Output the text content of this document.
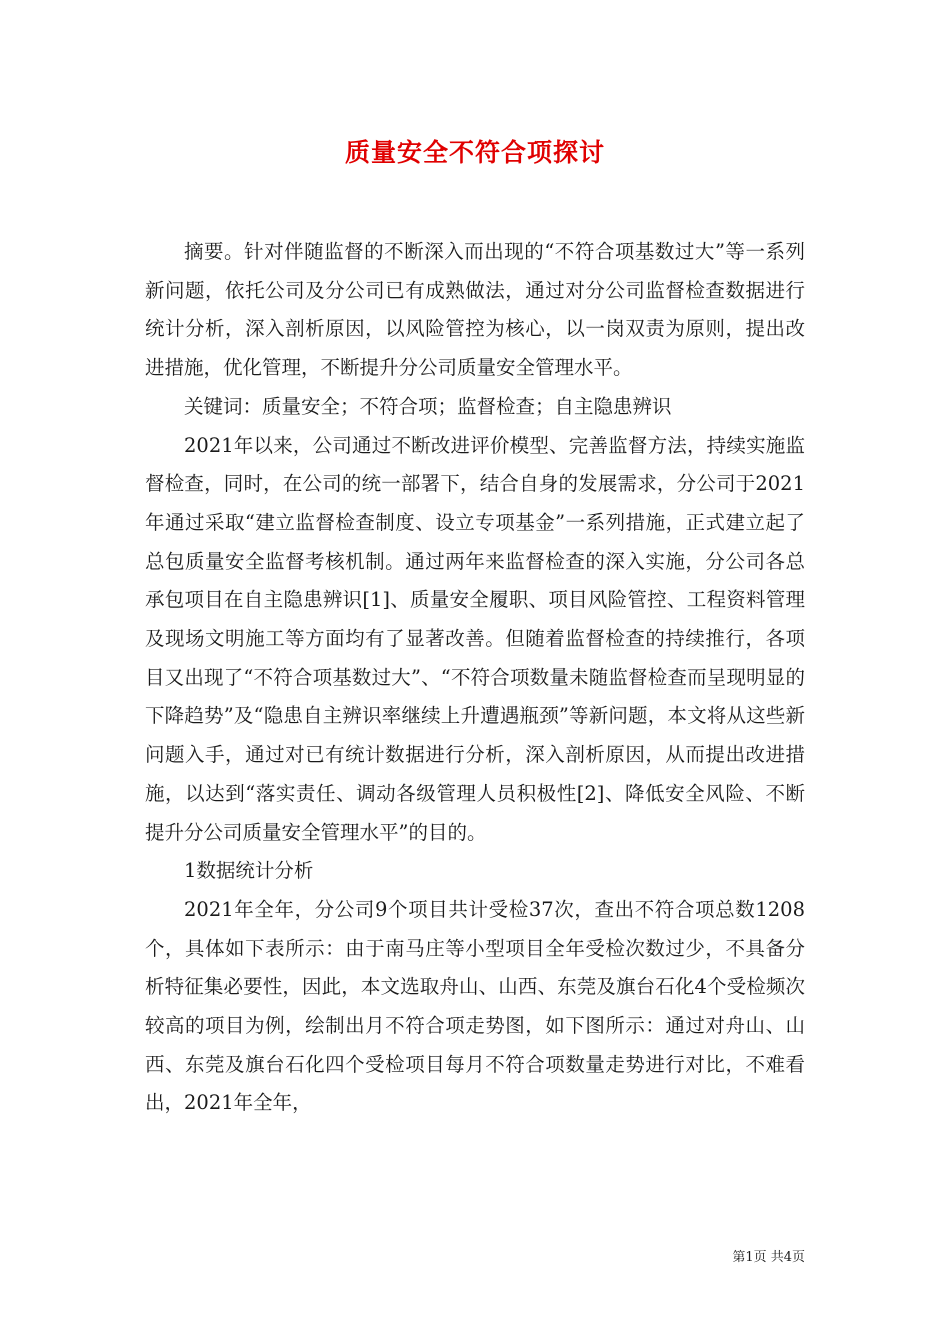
质量安全不符合项探讨

摘要。针对伴随监督的不断深入而出现的“不符合项基数过大”等一系列新问题，依托公司及分公司已有成熟做法，通过对分公司监督检查数据进行统计分析，深入剖析原因，以风险管控为核心，以一岗双责为原则，提出改进措施，优化管理，不断提升分公司质量安全管理水平。

关键词：质量安全；不符合项；监督检查；自主隐患辨识

2021年以来，公司通过不断改进评价模型、完善监督方法，持续实施监督检查，同时，在公司的统一部署下，结合自身的发展需求，分公司于2021年通过采取“建立监督检查制度、设立专项基金”一系列措施，正式建立起了总包质量安全监督考核机制。通过两年来监督检查的深入实施，分公司各总承包项目在自主隐患辨识[1]、质量安全履职、项目风险管控、工程资料管理及现场文明施工等方面均有了显著改善。但随着监督检查的持续推行，各项目又出现了“不符合项基数过大”、“不符合项数量未随监督检查而呈现明显的下降趋势”及“隐患自主辨识率继续上升遭遇瓶颈”等新问题，本文将从这些新问题入手，通过对已有统计数据进行分析，深入剖析原因，从而提出改进措施，以达到“落实责任、调动各级管理人员积极性[2]、降低安全风险、不断提升分公司质量安全管理水平”的目的。

1数据统计分析

2021年全年，分公司9个项目共计受检37次，查出不符合项总数1208个，具体如下表所示：由于南马庄等小型项目全年受检次数过少，不具备分析特征集必要性，因此，本文选取舟山、山西、东莞及旗台石化4个受检频次较高的项目为例，绘制出月不符合项走势图，如下图所示：通过对舟山、山西、东莞及旗台石化四个受检项目每月不符合项数量走势进行对比，不难看出，2021年全年，

第1页 共4页
